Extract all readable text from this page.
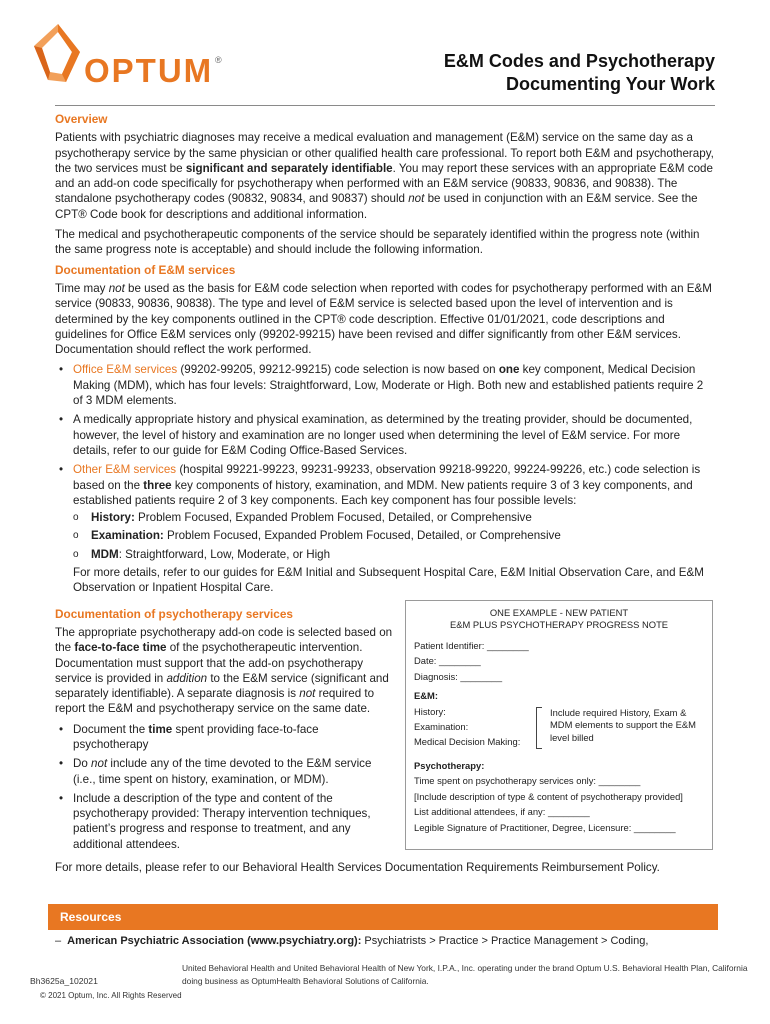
OPTUM ®	E&M Codes and Psychotherapy
Documenting Your Work
Overview

Patients with psychiatric diagnoses may receive a medical evaluation and management (E&M) service on the same day as a psychotherapy service by the same physician or other qualified health care professional. To report both E&M and psychotherapy, the two services must be significant and separately identifiable. You may report these services with an appropriate E&M code and an add-on code specifically for psychotherapy when performed with an E&M service (90833, 90836, and 90838). The standalone psychotherapy codes (90832, 90834, and 90837) should not be used in conjunction with an E&M service. See the CPT® Code book for descriptions and additional information.

The medical and psychotherapeutic components of the service should be separately identified within the progress note (within the same progress note is acceptable) and should include the following information.

Documentation of E&M services

Time may not be used as the basis for E&M code selection when reported with codes for psychotherapy performed with an E&M service (90833, 90836, 90838). The type and level of E&M service is selected based upon the level of intervention and is determined by the key components outlined in the CPT® code description. Effective 01/01/2021, code descriptions and guidelines for Office E&M services only (99202-99215) have been revised and differ significantly from other E&M services. Documentation should reflect the work performed.

• Office E&M services (99202-99205, 99212-99215) code selection is now based on one key component, Medical Decision Making (MDM), which has four levels: Straightforward, Low, Moderate or High. Both new and established patients require 2 of 3 MDM elements.
• A medically appropriate history and physical examination, as determined by the treating provider, should be documented, however, the level of history and examination are no longer used when determining the level of E&M service. For more details, refer to our guide for E&M Coding Office-Based Services.
• Other E&M services (hospital 99221-99223, 99231-99233, observation 99218-99220, 99224-99226, etc.) code selection is based on the three key components of history, examination, and MDM. New patients require 3 of 3 key components, and established patients require 2 of 3 key components. Each key component has four possible levels:
o History: Problem Focused, Expanded Problem Focused, Detailed, or Comprehensive
o Examination: Problem Focused, Expanded Problem Focused, Detailed, or Comprehensive
o MDM: Straightforward, Low, Moderate, or High
For more details, refer to our guides for E&M Initial and Subsequent Hospital Care, E&M Initial Observation Care, and E&M Observation or Inpatient Hospital Care.
Documentation of psychotherapy services

The appropriate psychotherapy add-on code is selected based on the face-to-face time of the psychotherapeutic intervention. Documentation must support that the add-on psychotherapy service is provided in addition to the E&M service (significant and separately identifiable). A separate diagnosis is not required to report the E&M and psychotherapy service on the same date.

• Document the time spent providing face-to-face psychotherapy
• Do not include any of the time devoted to the E&M service (i.e., time spent on history, examination, or MDM).
• Include a description of the type and content of the psychotherapy provided: Therapy intervention techniques, patient’s progress and response to treatment, and any additional attendees.
ONE EXAMPLE - NEW PATIENT
E&M PLUS PSYCHOTHERAPY PROGRESS NOTE
Patient Identifier: ________
Date: ________
Diagnosis: ________
E&M:
History:
Examination:
Medical Decision Making:
Include required History, Exam & MDM elements to support the E&M level billed
Psychotherapy:
Time spent on psychotherapy services only: ________
[Include description of type & content of psychotherapy provided]
List additional attendees, if any: ________
Legible Signature of Practitioner, Degree, Licensure: ________

For more details, please refer to our Behavioral Health Services Documentation Requirements Reimbursement Policy.

Resources
– American Psychiatric Association (www.psychiatry.org): Psychiatrists > Practice > Practice Management > Coding,
United Behavioral Health and United Behavioral Health of New York, I.P.A., Inc. operating under the brand Optum U.S. Behavioral Health Plan, California doing business as OptumHealth Behavioral Solutions of California.
Bh3625a_102021
© 2021 Optum, Inc. All Rights Reserved
